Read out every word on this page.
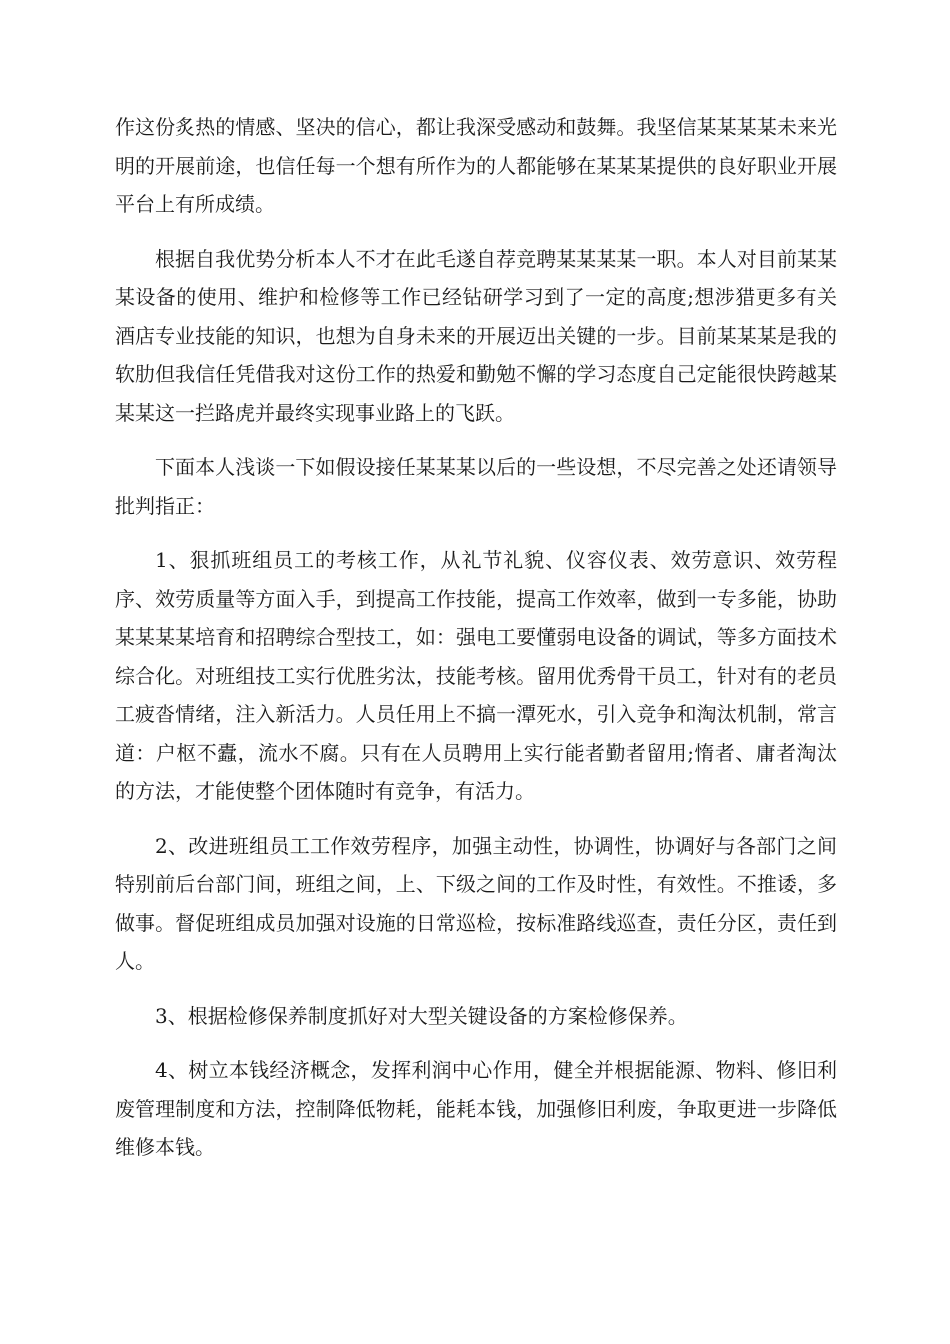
作这份炙热的情感、坚决的信心，都让我深受感动和鼓舞。我坚信某某某某未来光明的开展前途，也信任每一个想有所作为的人都能够在某某某提供的良好职业开展平台上有所成绩。

根据自我优势分析本人不才在此毛遂自荐竞聘某某某某一职。本人对目前某某某设备的使用、维护和检修等工作已经钻研学习到了一定的高度;想涉猎更多有关酒店专业技能的知识，也想为自身未来的开展迈出关键的一步。目前某某某是我的软肋但我信任凭借我对这份工作的热爱和勤勉不懈的学习态度自己定能很快跨越某某某这一拦路虎并最终实现事业路上的飞跃。

下面本人浅谈一下如假设接任某某某以后的一些设想，不尽完善之处还请领导批判指正：

1、狠抓班组员工的考核工作，从礼节礼貌、仪容仪表、效劳意识、效劳程序、效劳质量等方面入手，到提高工作技能，提高工作效率，做到一专多能，协助某某某某培育和招聘综合型技工，如：强电工要懂弱电设备的调试，等多方面技术综合化。对班组技工实行优胜劣汰，技能考核。留用优秀骨干员工，针对有的老员工疲沓情绪，注入新活力。人员任用上不搞一潭死水，引入竞争和淘汰机制，常言道：户枢不蠹，流水不腐。只有在人员聘用上实行能者勤者留用;惰者、庸者淘汰的方法，才能使整个团体随时有竞争，有活力。

2、改进班组员工工作效劳程序，加强主动性，协调性，协调好与各部门之间特别前后台部门间，班组之间，上、下级之间的工作及时性，有效性。不推诿，多做事。督促班组成员加强对设施的日常巡检，按标准路线巡查，责任分区，责任到人。

3、根据检修保养制度抓好对大型关键设备的方案检修保养。

4、树立本钱经济概念，发挥利润中心作用，健全并根据能源、物料、修旧利废管理制度和方法，控制降低物耗，能耗本钱，加强修旧利废，争取更进一步降低维修本钱。
